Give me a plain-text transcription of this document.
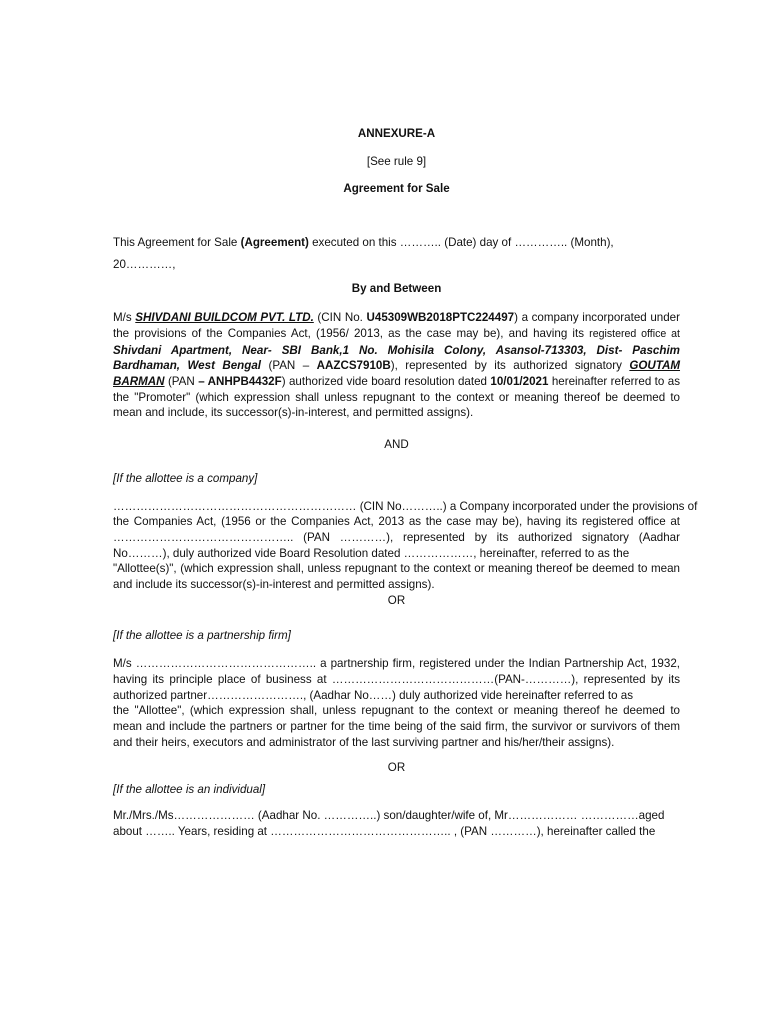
ANNEXURE-A

[See rule 9]

Agreement for Sale

This Agreement for Sale (Agreement) executed on this ……….. (Date) day of ………….. (Month),

20…………,

By and Between

M/s SHIVDANI BUILDCOM PVT. LTD. (CIN No. U45309WB2018PTC224497) a company incorporated under the provisions of the Companies Act, (1956/ 2013, as the case may be), and having its registered office at Shivdani Apartment, Near- SBI Bank,1 No. Mohisila Colony, Asansol-713303, Dist- Paschim Bardhaman, West Bengal (PAN – AAZCS7910B), represented by its authorized signatory GOUTAM BARMAN (PAN – ANHPB4432F) authorized vide board resolution dated 10/01/2021 hereinafter referred to as the "Promoter" (which expression shall unless repugnant to the context or meaning thereof be deemed to mean and include, its successor(s)-in-interest, and permitted assigns).

AND

[If the allottee is a company]

……………………………………………………… (CIN No………..) a Company incorporated under the provisions of

the Companies Act, (1956 or the Companies Act, 2013 as the case may be), having its registered office at ……………………………………….. (PAN …………), represented by its authorized signatory (Aadhar No………), duly authorized vide Board Resolution dated ………………, hereinafter, referred to as the

"Allottee(s)", (which expression shall, unless repugnant to the context or meaning thereof be deemed to mean and include its successor(s)-in-interest and permitted assigns).

OR

[If the allottee is a partnership firm]

M/s ……………………………………….. a partnership firm, registered under the Indian Partnership Act, 1932, having its principle place of business at ……………………………………(PAN-…………), represented by its authorized partner……………………., (Aadhar No……) duly authorized vide hereinafter referred to as

the "Allottee", (which expression shall, unless repugnant to the context or meaning thereof he deemed to mean and include the partners or partner for the time being of the said firm, the survivor or survivors of them and their heirs, executors and administrator of the last surviving partner and his/her/their assigns).

OR

[If the allottee is an individual]

Mr./Mrs./Ms………………… (Aadhar No. …………..) son/daughter/wife of, Mr……………… ……………aged

about …….. Years, residing at ……………………………………….. , (PAN …………), hereinafter called the
